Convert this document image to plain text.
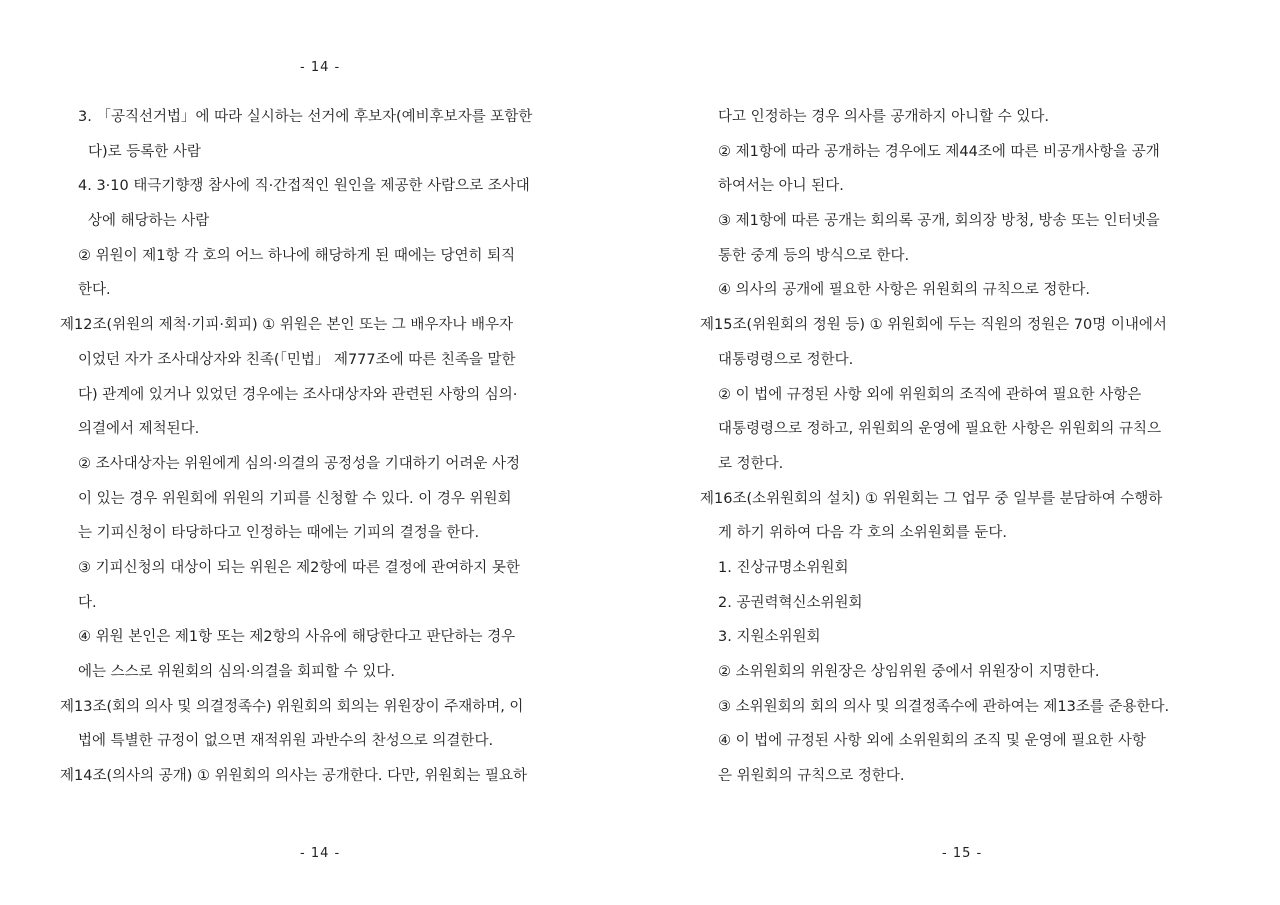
- 14 -
3. 「공직선거법」에 따라 실시하는 선거에 후보자(예비후보자를 포함한
다)로 등록한 사람
4. 3·10 태극기향쟁 참사에 직·간접적인 원인을 제공한 사람으로 조사대
상에 해당하는 사람
② 위원이 제1항 각 호의 어느 하나에 해당하게 된 때에는 당연히 퇴직
한다.
제12조(위원의 제척·기피·회피) ① 위원은 본인 또는 그 배우자나 배우자
이었던 자가 조사대상자와 친족(「민법」 제777조에 따른 친족을 말한
다) 관계에 있거나 있었던 경우에는 조사대상자와 관련된 사항의 심의·
의결에서 제척된다.
② 조사대상자는 위원에게 심의·의결의 공정성을 기대하기 어려운 사정
이 있는 경우 위원회에 위원의 기피를 신청할 수 있다. 이 경우 위원회
는 기피신청이 타당하다고 인정하는 때에는 기피의 결정을 한다.
③ 기피신청의 대상이 되는 위원은 제2항에 따른 결정에 관여하지 못한
다.
④ 위원 본인은 제1항 또는 제2항의 사유에 해당한다고 판단하는 경우
에는 스스로 위원회의 심의·의결을 회피할 수 있다.
제13조(회의 의사 및 의결정족수) 위원회의 회의는 위원장이 주재하며, 이
법에 특별한 규정이 없으면 재적위원 과반수의 찬성으로 의결한다.
제14조(의사의 공개) ① 위원회의 의사는 공개한다. 다만, 위원회는 필요하
다고 인정하는 경우 의사를 공개하지 아니할 수 있다.
② 제1항에 따라 공개하는 경우에도 제44조에 따른 비공개사항을 공개
하여서는 아니 된다.
③ 제1항에 따른 공개는 회의록 공개, 회의장 방청, 방송 또는 인터넷을
통한 중계 등의 방식으로 한다.
④ 의사의 공개에 필요한 사항은 위원회의 규칙으로 정한다.
제15조(위원회의 정원 등) ① 위원회에 두는 직원의 정원은 70명 이내에서
대통령령으로 정한다.
② 이 법에 규정된 사항 외에 위원회의 조직에 관하여 필요한 사항은
대통령령으로 정하고, 위원회의 운영에 필요한 사항은 위원회의 규칙으
로 정한다.
제16조(소위원회의 설치) ① 위원회는 그 업무 중 일부를 분담하여 수행하
게 하기 위하여 다음 각 호의 소위원회를 둔다.
1. 진상규명소위원회
2. 공권력혁신소위원회
3. 지원소위원회
② 소위원회의 위원장은 상임위원 중에서 위원장이 지명한다.
③ 소위원회의 회의 의사 및 의결정족수에 관하여는 제13조를 준용한다.
④ 이 법에 규정된 사항 외에 소위원회의 조직 및 운영에 필요한 사항
은 위원회의 규칙으로 정한다.
- 14 -	- 15 -
